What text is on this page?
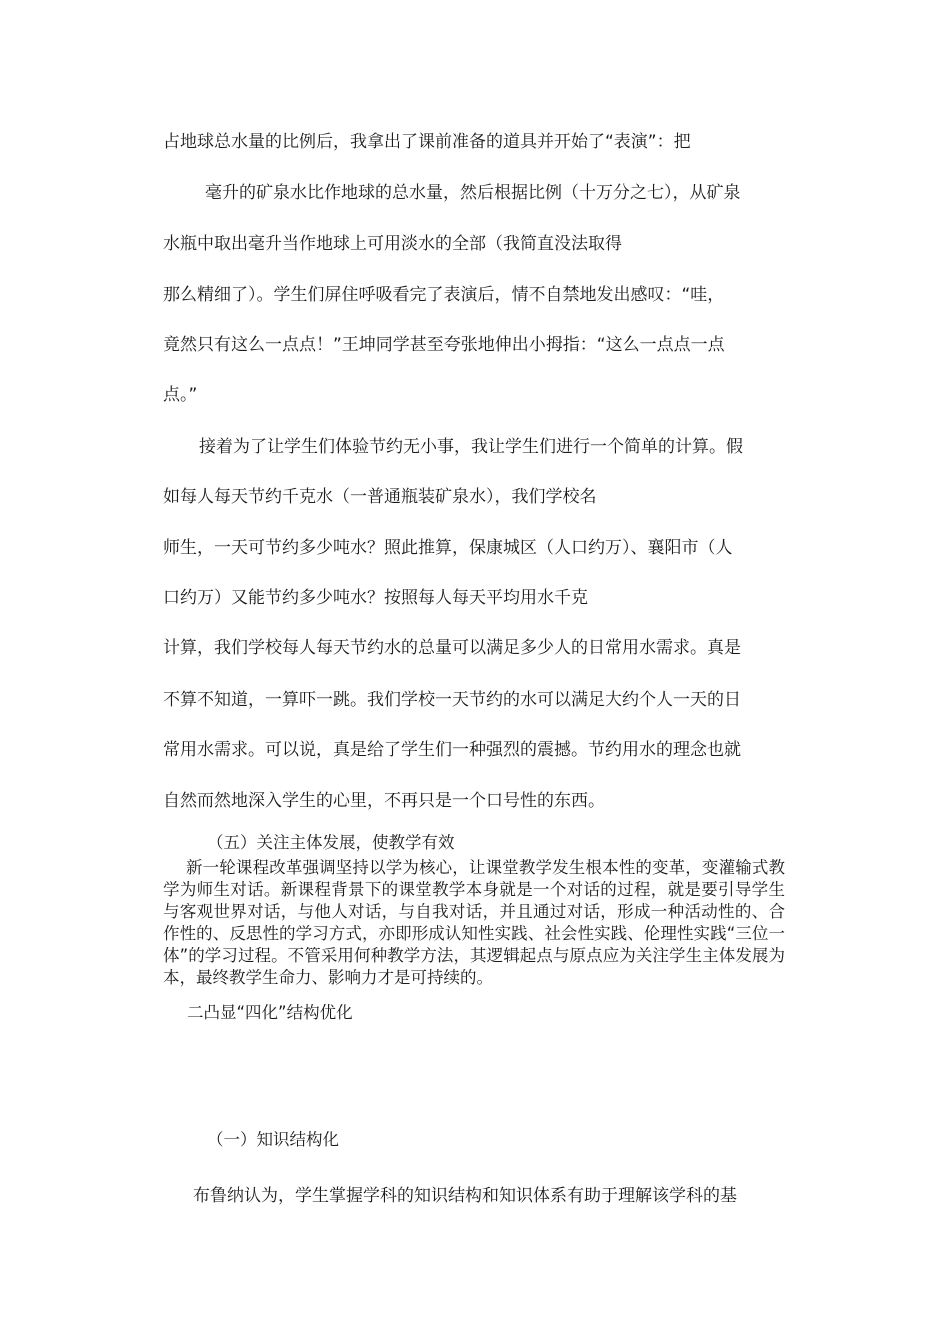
占地球总水量的比例后，我拿出了课前准备的道具并开始了“表演”：把
毫升的矿泉水比作地球的总水量，然后根据比例（十万分之七），从矿泉
水瓶中取出毫升当作地球上可用淡水的全部（我简直没法取得
那么精细了）。学生们屏住呼吸看完了表演后，情不自禁地发出感叹：“哇，
竟然只有这么一点点！”王坤同学甚至夸张地伸出小拇指：“这么一点点一点
点。”
接着为了让学生们体验节约无小事，我让学生们进行一个简单的计算。假
如每人每天节约千克水（一普通瓶装矿泉水），我们学校名
师生，一天可节约多少吨水？照此推算，保康城区（人口约万）、襄阳市（人
口约万）又能节约多少吨水？按照每人每天平均用水千克
计算，我们学校每人每天节约水的总量可以满足多少人的日常用水需求。真是
不算不知道，一算吓一跳。我们学校一天节约的水可以满足大约个人一天的日
常用水需求。可以说，真是给了学生们一种强烈的震撼。节约用水的理念也就
自然而然地深入学生的心里，不再只是一个口号性的东西。
（五）关注主体发展，使教学有效
新一轮课程改革强调坚持以学为核心，让课堂教学发生根本性的变革，变灌输式教学为师生对话。新课程背景下的课堂教学本身就是一个对话的过程，就是要引导学生与客观世界对话，与他人对话，与自我对话，并且通过对话，形成一种活动性的、合作性的、反思性的学习方式，亦即形成认知性实践、社会性实践、伦理性实践“三位一体”的学习过程。不管采用何种教学方法，其逻辑起点与原点应为关注学生主体发展为本，最终教学生命力、影响力才是可持续的。
二凸显“四化”结构优化
（一）知识结构化
布鲁纳认为，学生掌握学科的知识结构和知识体系有助于理解该学科的基
